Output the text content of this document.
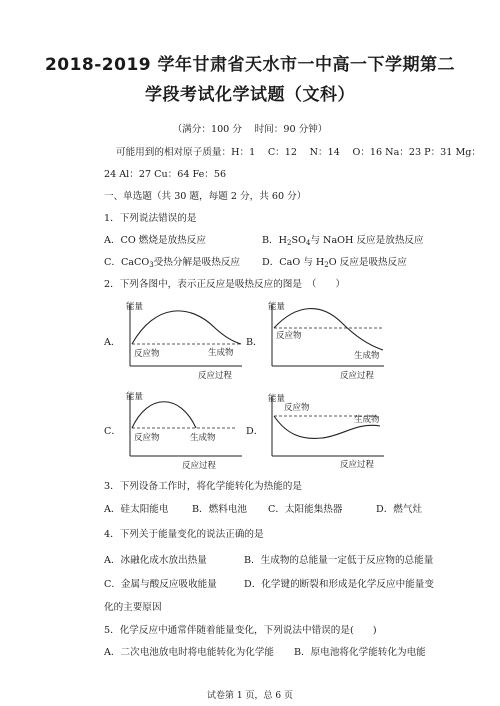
2018-2019 学年甘肃省天水市一中高一下学期第二
学段考试化学试题（文科）
（满分：100 分　 时间：90 分钟）
可能用到的相对原子质量：H：1　 C：12　 N：14　 O：16 Na：23 P：31 Mg：
24 Al：27 Cu：64 Fe：56
一、单选题（共 30 题，每题 2 分，共 60 分）
1．下列说法错误的是
A．CO 燃烧是放热反应	B．$H_2SO_4$与 NaOH 反应是放热反应
C．CaCO$_3$受热分解是吸热反应 D．CaO 与 $H_2O$ 反应是吸热反应
2．下列各图中，表示正反应是吸热反应的图是　（　　）
A．
能量
反应物	生成物
反应过程
B．
能量
反应物
生成物
反应过程
C．
能量
反应物	生成物
反应过程
D．
能量
反应物
生成物
反应过程
3．下列设备工作时，将化学能转化为热能的是
A．硅太阳能电 B．燃料电池 C．太阳能集热器	D．燃气灶
4．下列关于能量变化的说法正确的是
A．冰融化成水放出热量	B．生成物的总能量一定低于反应物的总能量
C．金属与酸反应吸收能量	D．化学键的断裂和形成是化学反应中能量变
化的主要原因
5．化学反应中通常伴随着能量变化，下列说法中错误的是(　　)
A．二次电池放电时将电能转化为化学能 B．原电池将化学能转化为电能
试卷第 1 页，总 6 页
